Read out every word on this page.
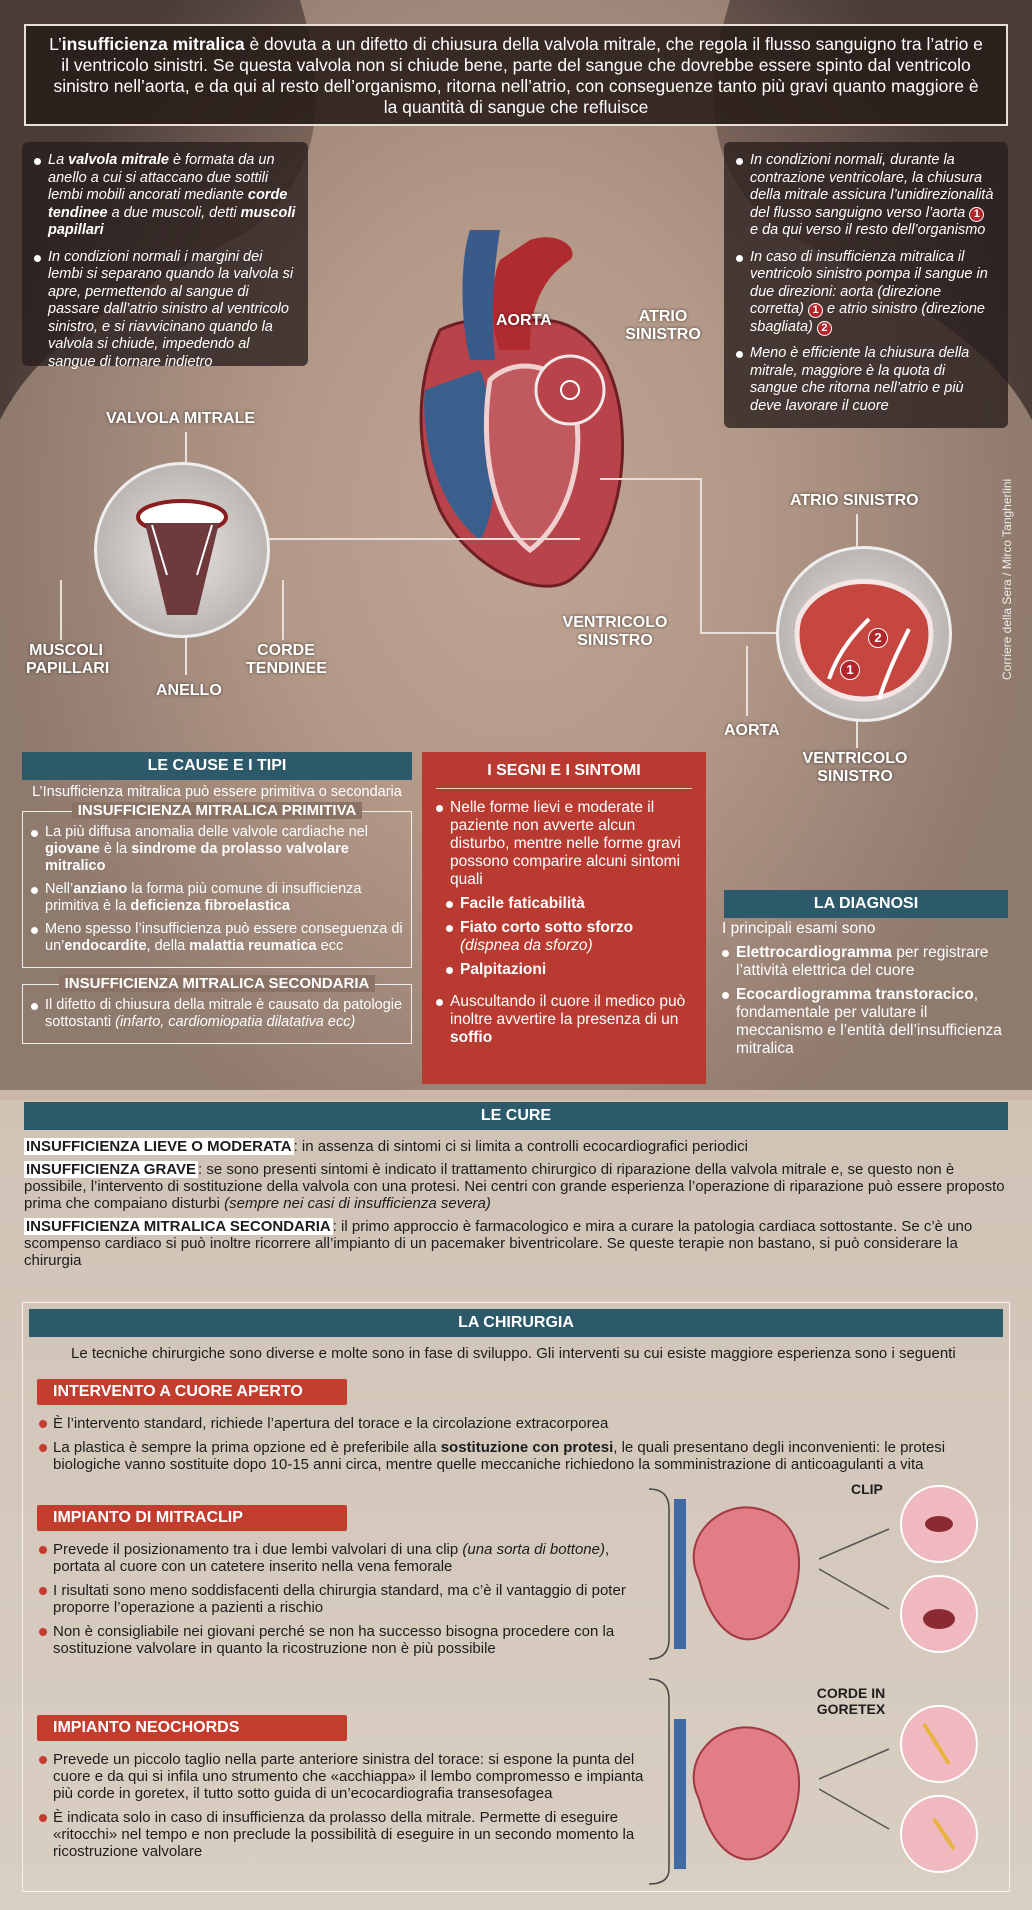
L’insufficienza mitralica è dovuta a un difetto di chiusura della valvola mitrale, che regola il flusso sanguigno tra l’atrio e il ventricolo sinistri. Se questa valvola non si chiude bene, parte del sangue che dovrebbe essere spinto dal ventricolo sinistro nell’aorta, e da qui al resto dell’organismo, ritorna nell’atrio, con conseguenze tanto più gravi quanto maggiore è la quantità di sangue che refluisce
La valvola mitrale è formata da un anello a cui si attaccano due sottili lembi mobili ancorati mediante corde tendinee a due muscoli, detti muscoli papillari
In condizioni normali i margini dei lembi si separano quando la valvola si apre, permettendo al sangue di passare dall’atrio sinistro al ventricolo sinistro, e si riavvicinano quando la valvola si chiude, impedendo al sangue di tornare indietro
In condizioni normali, durante la contrazione ventricolare, la chiusura della mitrale assicura l’unidirezionalità del flusso sanguigno verso l’aorta 1 e da qui verso il resto dell’organismo
In caso di insufficienza mitralica il ventricolo sinistro pompa il sangue in due direzioni: aorta (direzione corretta) 1 e atrio sinistro (direzione sbagliata) 2
Meno è efficiente la chiusura della mitrale, maggiore è la quota di sangue che ritorna nell’atrio e più deve lavorare il cuore
AORTA	ATRIO SINISTRO
VALVOLA MITRALE
MUSCOLI PAPILLARI
ANELLO
CORDE TENDINEE
VENTRICOLO SINISTRO
ATRIO SINISTRO
AORTA
VENTRICOLO SINISTRO
1
2	Corriere della Sera / Mirco Tangherlini
LE CAUSE E I TIPI
L’Insufficienza mitralica può essere primitiva o secondaria
INSUFFICIENZA MITRALICA PRIMITIVA
La più diffusa anomalia delle valvole cardiache nel giovane è la sindrome da prolasso valvolare mitralico
Nell’anziano la forma più comune di insufficienza primitiva è la deficienza fibroelastica
Meno spesso l’insufficienza può essere conseguenza di un’endocardite, della malattia reumatica ecc
INSUFFICIENZA MITRALICA SECONDARIA
Il difetto di chiusura della mitrale è causato da patologie sottostanti (infarto, cardiomiopatia dilatativa ecc)
I SEGNI E I SINTOMI
Nelle forme lievi e moderate il paziente non avverte alcun disturbo, mentre nelle forme gravi possono comparire alcuni sintomi quali
Facile faticabilità
Fiato corto sotto sforzo
(dispnea da sforzo)
Palpitazioni
Auscultando il cuore il medico può inoltre avvertire la presenza di un soffio
LA DIAGNOSI
I principali esami sono
Elettrocardiogramma per registrare l’attività elettrica del cuore
Ecocardiogramma transtoracico, fondamentale per valutare il meccanismo e l’entità dell’insufficienza mitralica
LE CURE

INSUFFICIENZA LIEVE O MODERATA : in assenza di sintomi ci si limita a controlli ecocardiografici periodici

INSUFFICIENZA GRAVE : se sono presenti sintomi è indicato il trattamento chirurgico di riparazione della valvola mitrale e, se questo non è possibile, l’intervento di sostituzione della valvola con una protesi. Nei centri con grande esperienza l’operazione di riparazione può essere proposto prima che compaiano disturbi (sempre nei casi di insufficienza severa)

INSUFFICIENZA MITRALICA SECONDARIA : il primo approccio è farmacologico e mira a curare la patologia cardiaca sottostante. Se c’è uno scompenso cardiaco si può inoltre ricorrere all’impianto di un pacemaker biventricolare. Se queste terapie non bastano, si può considerare la chirurgia

LA CHIRURGIA
Le tecniche chirurgiche sono diverse e molte sono in fase di sviluppo. Gli interventi su cui esiste maggiore esperienza sono i seguenti
INTERVENTO A CUORE APERTO
È l’intervento standard, richiede l’apertura del torace e la circolazione extracorporea
La plastica è sempre la prima opzione ed è preferibile alla sostituzione con protesi, le quali presentano degli inconvenienti: le protesi biologiche vanno sostituite dopo 10-15 anni circa, mentre quelle meccaniche richiedono la somministrazione di anticoagulanti a vita
IMPIANTO DI MITRACLIP
Prevede il posizionamento tra i due lembi valvolari di una clip (una sorta di bottone), portata al cuore con un catetere inserito nella vena femorale
I risultati sono meno soddisfacenti della chirurgia standard, ma c’è il vantaggio di poter proporre l’operazione a pazienti a rischio
Non è consigliabile nei giovani perché se non ha successo bisogna procedere con la sostituzione valvolare in quanto la ricostruzione non è più possibile
IMPIANTO NEOCHORDS
Prevede un piccolo taglio nella parte anteriore sinistra del torace: si espone la punta del cuore e da qui si infila uno strumento che «acchiappa» il lembo compromesso e impianta più corde in goretex, il tutto sotto guida di un’ecocardiografia transesofagea
È indicata solo in caso di insufficienza da prolasso della mitrale. Permette di eseguire «ritocchi» nel tempo e non preclude la possibilità di eseguire in un secondo momento la ricostruzione valvolare
CLIP
CORDE IN GORETEX
